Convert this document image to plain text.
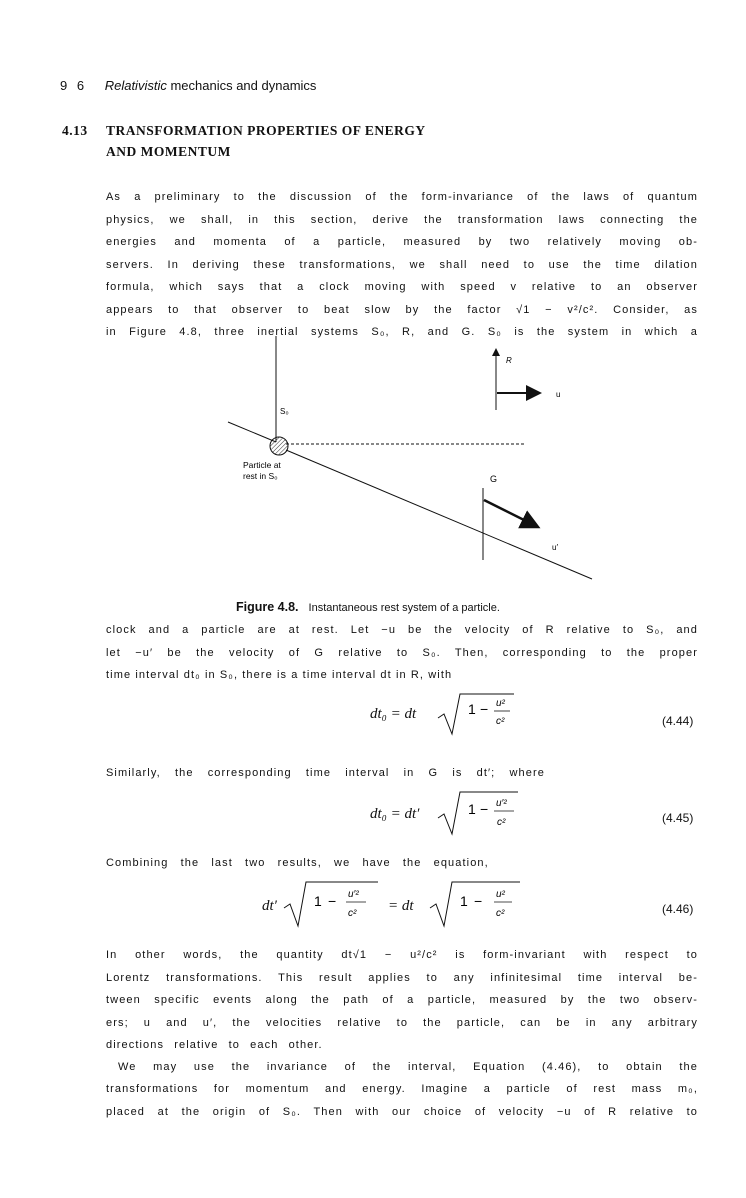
9 6 Relativistic mechanics and dynamics
4.13 TRANSFORMATION PROPERTIES OF ENERGY
AND MOMENTUM
As a preliminary to the discussion of the form-invariance of the laws of quantum
physics, we shall, in this section, derive the transformation laws connecting the
energies and momenta of a particle, measured by two relatively moving ob-
servers. In deriving these transformations, we shall need to use the time dilation
formula, which says that a clock moving with speed v relative to an observer
appears to that observer to beat slow by the factor √1 − v²/c². Consider, as
in Figure 4.8, three inertial systems S₀, R, and G. S₀ is the system in which a
S₀
Particle at
rest in S₀
R
u
G
u′
Figure 4.8. Instantaneous rest system of a particle.
clock and a particle are at rest. Let −u be the velocity of R relative to S₀, and
let −u′ be the velocity of G relative to S₀. Then, corresponding to the proper
time interval dt₀ in S₀, there is a time interval dt in R, with
dt₀ = dt	1 − u²
c²	(4.44)
Similarly, the corresponding time interval in G is dt′; where
dt₀ = dt′	1 − u′²
c²	(4.45)
Combining the last two results, we have the equation,
dt′	1 − u′²
c² = dt	1 − u²
c²	(4.46)
In other words, the quantity dt√1 − u²/c² is form-invariant with respect to
Lorentz transformations. This result applies to any infinitesimal time interval be-
tween specific events along the path of a particle, measured by the two observ-
ers; u and u′, the velocities relative to the particle, can be in any arbitrary
directions relative to each other.
We may use the invariance of the interval, Equation (4.46), to obtain the
transformations for momentum and energy. Imagine a particle of rest mass m₀,
placed at the origin of S₀. Then with our choice of velocity −u of R relative to
